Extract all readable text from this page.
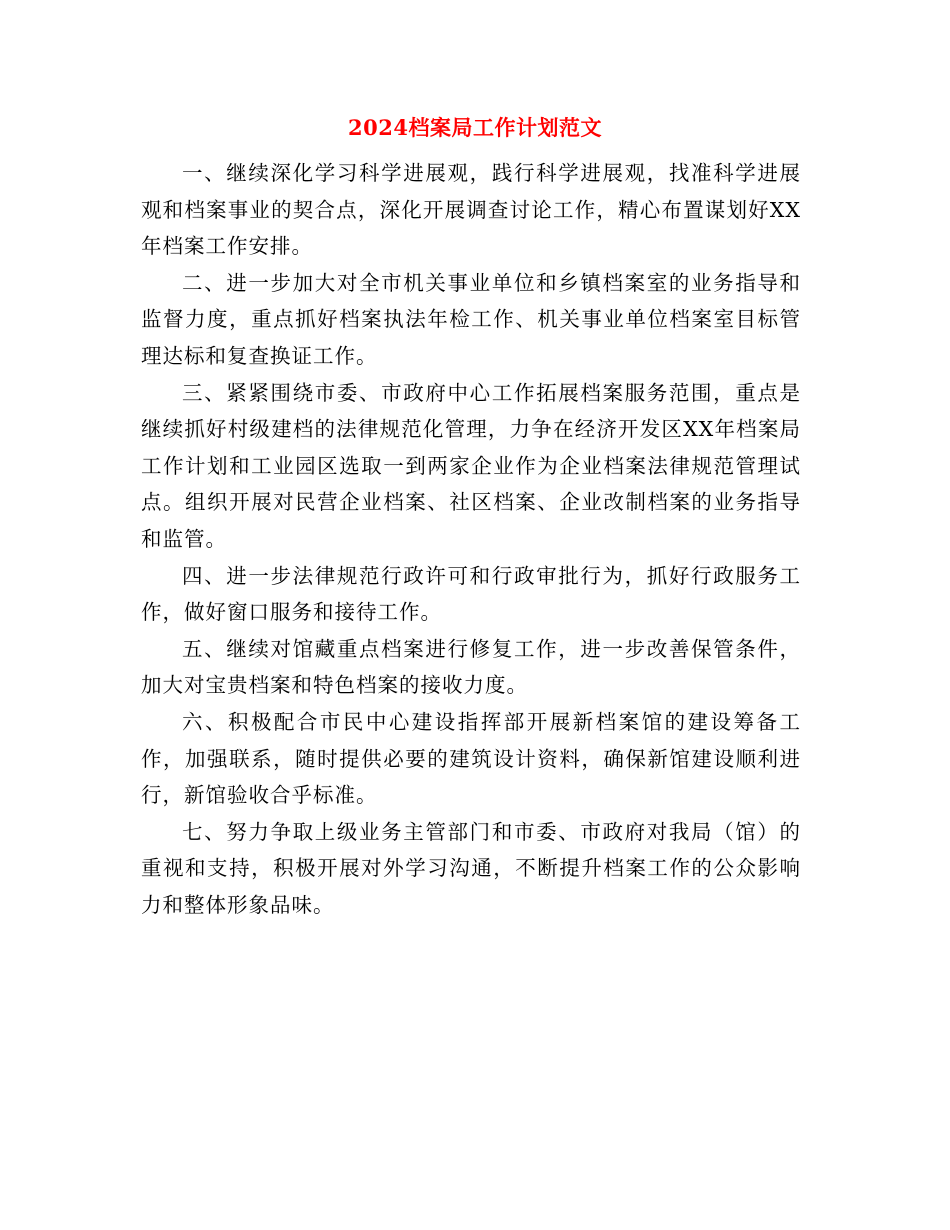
2024档案局工作计划范文

一、继续深化学习科学进展观，践行科学进展观，找准科学进展观和档案事业的契合点，深化开展调查讨论工作，精心布置谋划好XX年档案工作安排。

二、进一步加大对全市机关事业单位和乡镇档案室的业务指导和监督力度，重点抓好档案执法年检工作、机关事业单位档案室目标管理达标和复查换证工作。

三、紧紧围绕市委、市政府中心工作拓展档案服务范围，重点是继续抓好村级建档的法律规范化管理，力争在经济开发区XX年档案局工作计划和工业园区选取一到两家企业作为企业档案法律规范管理试点。组织开展对民营企业档案、社区档案、企业改制档案的业务指导和监管。

四、进一步法律规范行政许可和行政审批行为，抓好行政服务工作，做好窗口服务和接待工作。

五、继续对馆藏重点档案进行修复工作，进一步改善保管条件，加大对宝贵档案和特色档案的接收力度。

六、积极配合市民中心建设指挥部开展新档案馆的建设筹备工作，加强联系，随时提供必要的建筑设计资料，确保新馆建设顺利进行，新馆验收合乎标准。

七、努力争取上级业务主管部门和市委、市政府对我局（馆）的重视和支持，积极开展对外学习沟通，不断提升档案工作的公众影响力和整体形象品味。
